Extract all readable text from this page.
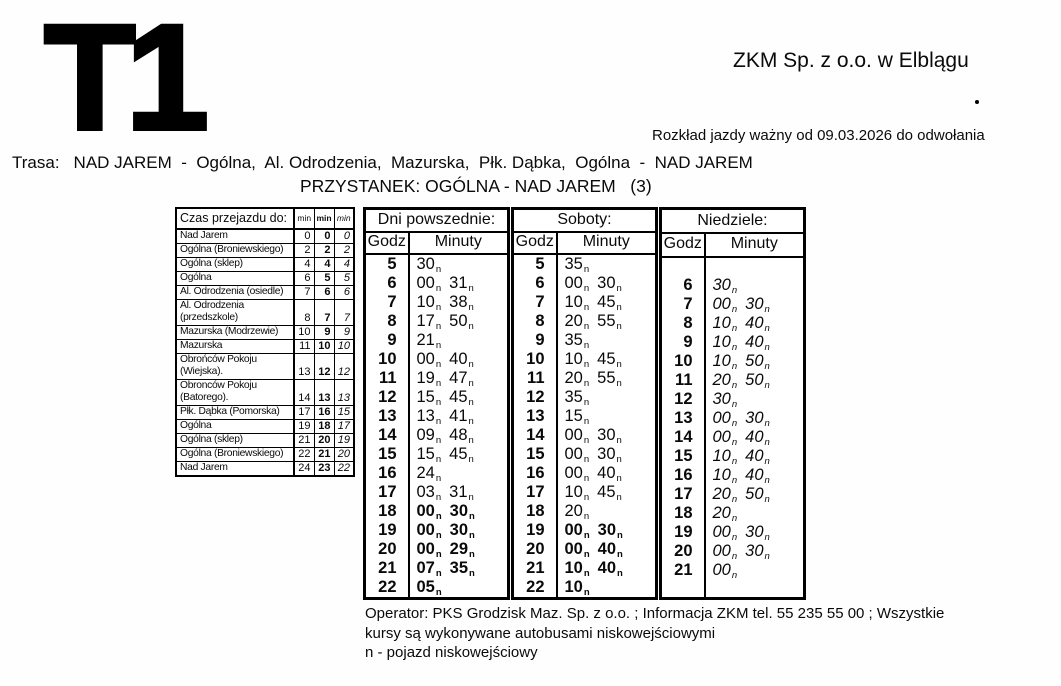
T1	ZKM Sp. z o.o. w Elblągu
Rozkład jazdy ważny od 09.03.2026 do odwołania
Trasa: NAD JAREM  -  Ogólna,  Al. Odrodzenia,  Mazurska,  Płk. Dąbka,  Ogólna  -  NAD JAREM
PRZYSTANEK: OGÓLNA - NAD JAREM   (3)
Czas przejazdu do:	min	min	min
Nad Jarem	0	0	0
Ogólna (Broniewskiego)	2	2	2
Ogólna (sklep)	4	4	4
Ogólna	6	5	5
Al. Odrodzenia (osiedle)	7	6	6
Al. Odrodzenia
(przedszkole)	8	7	7
Mazurska (Modrzewie)	10	9	9
Mazurska	11	10	10
Obrońców Pokoju
(Wiejska).	13	12	12
Obronców Pokoju
(Batorego).	14	13	13
Płk. Dąbka (Pomorska)	17	16	15
Ogólna	19	18	17
Ogólna (sklep)	21	20	19
Ogólna (Broniewskiego)	22	21	20
Nad Jarem	24	23	22
Dni powszednie:	
Godz	Minuty
5	30n
6	00n 31n
7	10n 38n
8	17n 50n
9	21n
10	00n 40n
11	19n 47n
12	15n 45n
13	13n 41n
14	09n 48n
15	15n 45n
16	24n
17	03n 31n
18	00n 30n
19	00n 30n
20	00n 29n
21	07n 35n
22	05n
Soboty:	
Godz	Minuty
5	35n
6	00n 30n
7	10n 45n
8	20n 55n
9	35n
10	10n 45n
11	20n 55n
12	35n
13	15n
14	00n 30n
15	00n 30n
16	00n 40n
17	10n 45n
18	20n
19	00n 30n
20	00n 40n
21	10n 40n
22	10n
Niedziele:	
Godz	Minuty

6	30n
7	00n 30n
8	10n 40n
9	10n 40n
10	10n 50n
11	20n 50n
12	30n
13	00n 30n
14	00n 40n
15	10n 40n
16	10n 40n
17	20n 50n
18	20n
19	00n 30n
20	00n 30n
21	00n

Operator: PKS Grodzisk Maz. Sp. z o.o. ; Informacja ZKM tel. 55 235 55 00 ; Wszystkie
kursy są wykonywane autobusami niskowejściowymi
n - pojazd niskowejściowy
